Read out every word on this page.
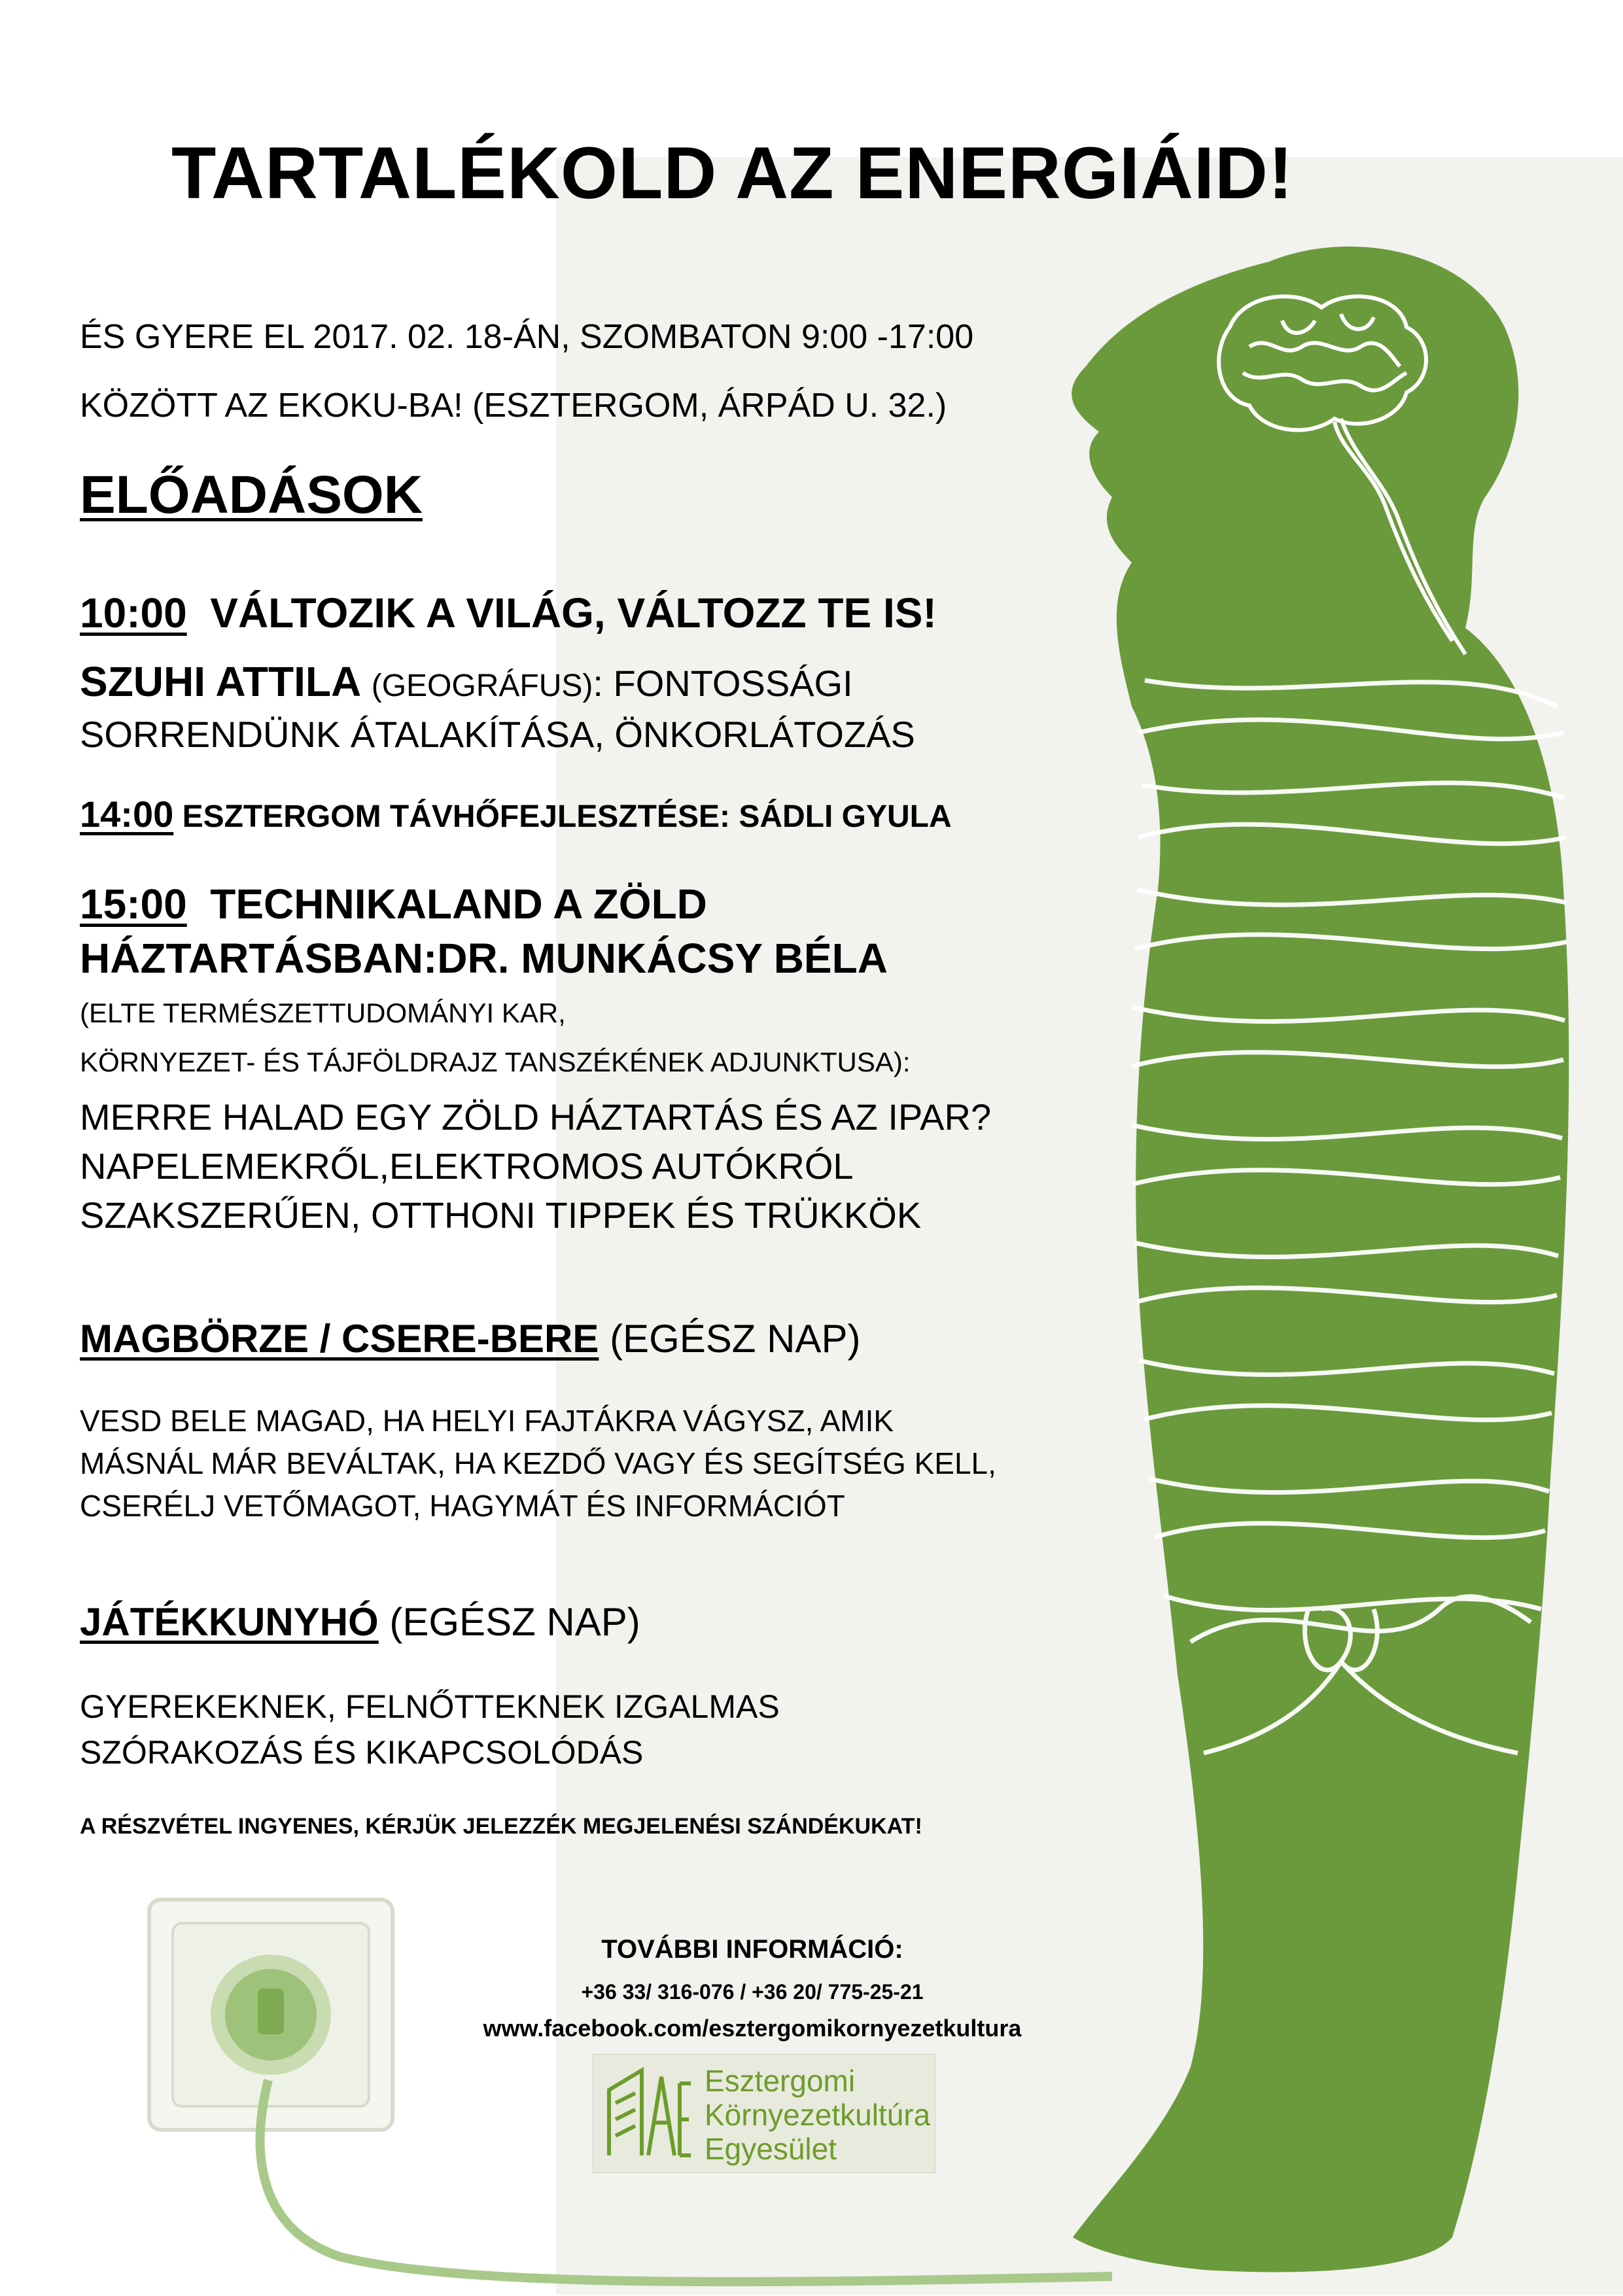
TARTALÉKOLD AZ ENERGIÁID!
ÉS GYERE EL 2017. 02. 18-ÁN, SZOMBATON 9:00 -17:00
KÖZÖTT AZ EKOKU-BA! (ESZTERGOM, ÁRPÁD U. 32.)
ELŐADÁSOK
10:00 VÁLTOZIK A VILÁG, VÁLTOZZ TE IS!
SZUHI ATTILA (GEOGRÁFUS): FONTOSSÁGI
SORRENDÜNK ÁTALAKÍTÁSA, ÖNKORLÁTOZÁS
14:00 ESZTERGOM TÁVHŐFEJLESZTÉSE: SÁDLI GYULA
15:00 TECHNIKALAND A ZÖLD
HÁZTARTÁSBAN:DR. MUNKÁCSY BÉLA
(ELTE TERMÉSZETTUDOMÁNYI KAR,
KÖRNYEZET- ÉS TÁJFÖLDRAJZ TANSZÉKÉNEK ADJUNKTUSA):
MERRE HALAD EGY ZÖLD HÁZTARTÁS ÉS AZ IPAR?
NAPELEMEKRŐL,ELEKTROMOS AUTÓKRÓL
SZAKSZERŰEN, OTTHONI TIPPEK ÉS TRÜKKÖK
MAGBÖRZE / CSERE-BERE (EGÉSZ NAP)
VESD BELE MAGAD, HA HELYI FAJTÁKRA VÁGYSZ, AMIK
MÁSNÁL MÁR BEVÁLTAK, HA KEZDŐ VAGY ÉS SEGÍTSÉG KELL,
CSERÉLJ VETŐMAGOT, HAGYMÁT ÉS INFORMÁCIÓT
JÁTÉKKUNYHÓ (EGÉSZ NAP)
GYEREKEKNEK, FELNŐTTEKNEK IZGALMAS
SZÓRAKOZÁS ÉS KIKAPCSOLÓDÁS
A RÉSZVÉTEL INGYENES, KÉRJÜK JELEZZÉK MEGJELENÉSI SZÁNDÉKUKAT!
TOVÁBBI INFORMÁCIÓ:
+36 33/ 316-076 / +36 20/ 775-25-21
www.facebook.com/esztergomikornyezetkultura
Esztergomi
Környezetkultúra
Egyesület
